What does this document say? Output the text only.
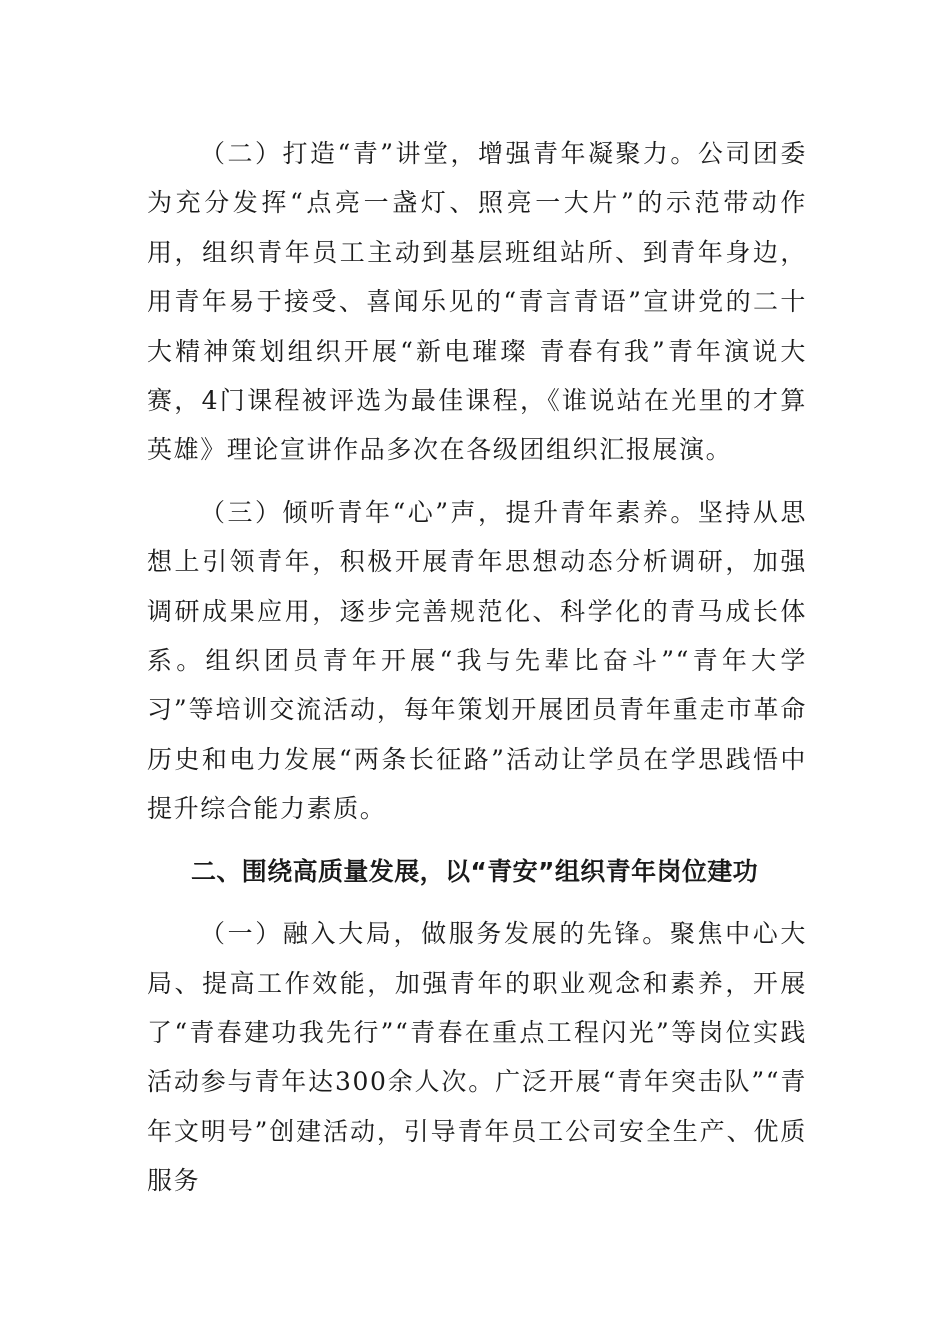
（二）打造“青”讲堂，增强青年凝聚力。公司团委为充分发挥“点亮一盏灯、照亮一大片”的示范带动作用，组织青年员工主动到基层班组站所、到青年身边，用青年易于接受、喜闻乐见的“青言青语”宣讲党的二十大精神策划组织开展“新电璀璨 青春有我”青年演说大赛，4门课程被评选为最佳课程，《谁说站在光里的才算英雄》理论宣讲作品多次在各级团组织汇报展演。

（三）倾听青年“心”声，提升青年素养。坚持从思想上引领青年，积极开展青年思想动态分析调研，加强调研成果应用，逐步完善规范化、科学化的青马成长体系。组织团员青年开展“我与先辈比奋斗”“青年大学习”等培训交流活动，每年策划开展团员青年重走市革命历史和电力发展“两条长征路”活动让学员在学思践悟中提升综合能力素质。

二、围绕高质量发展，以“青安”组织青年岗位建功

（一）融入大局，做服务发展的先锋。聚焦中心大局、提高工作效能，加强青年的职业观念和素养，开展了“青春建功我先行”“青春在重点工程闪光”等岗位实践活动参与青年达300余人次。广泛开展“青年突击队”“青年文明号”创建活动，引导青年员工公司安全生产、优质服务
